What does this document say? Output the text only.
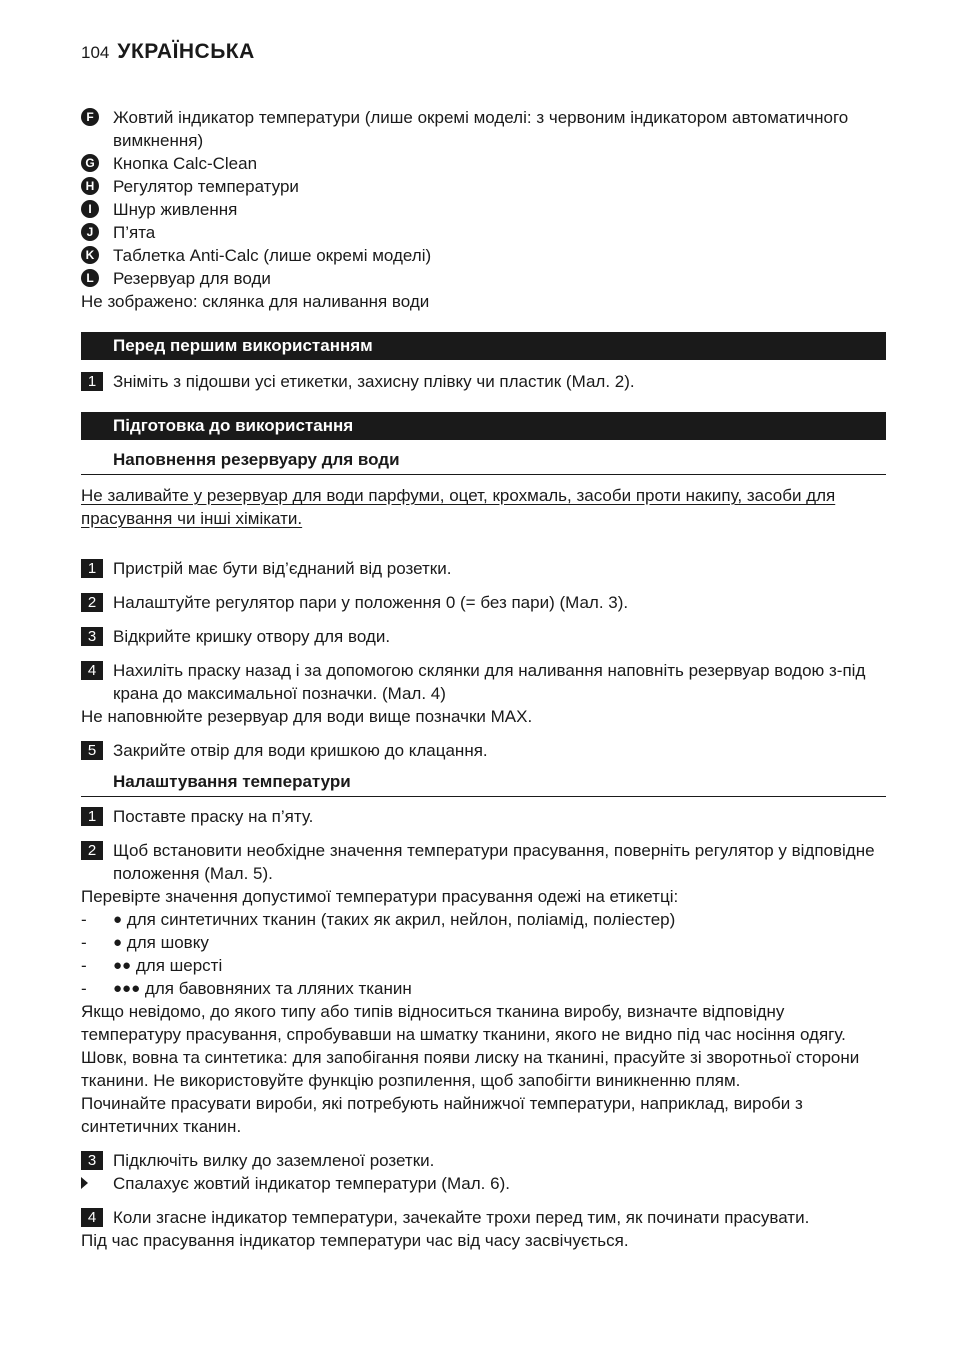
104 УКРАЇНСЬКА
F	Жовтий індикатор температури (лише окремі моделі: з червоним індикатором автоматичного вимкнення)
G Кнопка Calc-Clean
H Регулятор температури
I	Шнур живлення
J	П’ята
K Таблетка Anti-Calc (лише окремі моделі)
L	Резервуар для води
Не зображено: склянка для наливання води
Перед першим використанням
1 Зніміть з підошви усі етикетки, захисну плівку чи пластик (Мал. 2).
Підготовка до використання
Наповнення резервуару для води
Не заливайте у резервуар для води парфуми, оцет, крохмаль, засоби проти накипу, засоби для прасування чи інші хімікати.
1 Пристрій має бути від’єднаний від розетки.
2 Налаштуйте регулятор пари у положення 0 (= без пари) (Мал. 3).
3 Відкрийте кришку отвору для води.
4 Нахиліть праску назад і за допомогою склянки для наливання наповніть резервуар водою з-під крана до максимальної позначки. (Мал. 4)
Не наповнюйте резервуар для води вище позначки MAX.
5 Закрийте отвір для води кришкою до клацання.
Налаштування температури
1 Поставте праску на п’яту.
2 Щоб встановити необхідне значення температури прасування, поверніть регулятор у відповідне положення (Мал. 5).
Перевірте значення допустимої температури прасування одежі на етикетці:
-	●
для синтетичних тканин (таких як акрил, нейлон, поліамід, поліестер)
-	●
для шовку
-	●●
для шерсті
-	●●●
для бавовняних та лляних тканин
Якщо невідомо, до якого типу або типів відноситься тканина виробу, визначте відповідну температуру прасування, спробувавши на шматку тканини, якого не видно під час носіння одягу.
Шовк, вовна та синтетика: для запобігання появи лиску на тканині, прасуйте зі зворотньої сторони тканини. Не використовуйте функцію розпилення, щоб запобігти виникненню плям.
Починайте прасувати вироби, які потребують найнижчої температури, наприклад, вироби з синтетичних тканин.
3 Підключіть вилку до заземленої розетки.
Спалахує жовтий індикатор температури (Мал. 6).
4 Коли згасне індикатор температури, зачекайте трохи перед тим, як починати прасувати.
Під час прасування індикатор температури час від часу засвічується.
